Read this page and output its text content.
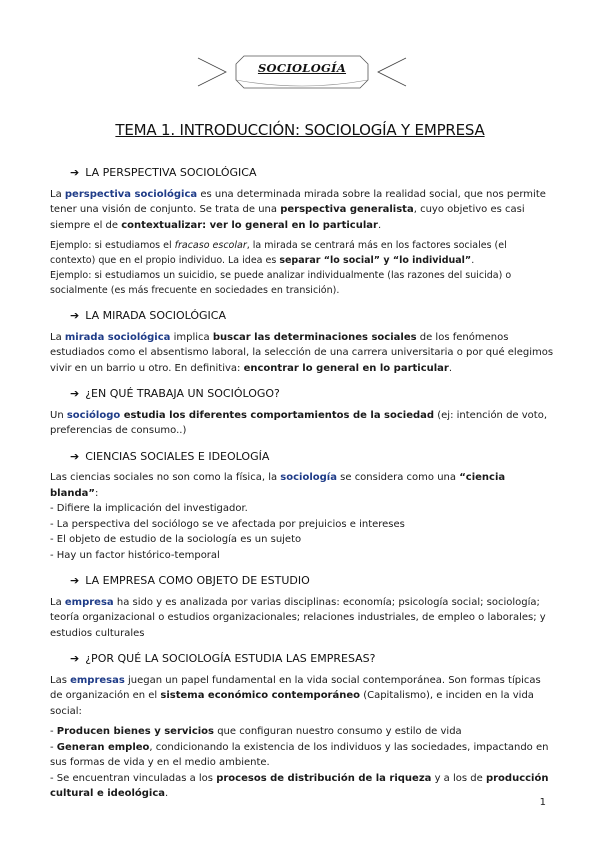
SOCIOLOGÍA
TEMA 1. INTRODUCCIÓN: SOCIOLOGÍA Y EMPRESA
➔ LA PERSPECTIVA SOCIOLÓGICA

La perspectiva sociológica es una determinada mirada sobre la realidad social, que nos permite tener una visión de conjunto. Se trata de una perspectiva generalista, cuyo objetivo es casi siempre el de contextualizar: ver lo general en lo particular.

Ejemplo: si estudiamos el fracaso escolar, la mirada se centrará más en los factores sociales (el contexto) que en el propio individuo. La idea es separar “lo social” y “lo individual”.

Ejemplo: si estudiamos un suicidio, se puede analizar individualmente (las razones del suicida) o socialmente (es más frecuente en sociedades en transición).

➔ LA MIRADA SOCIOLÓGICA

La mirada sociológica implica buscar las determinaciones sociales de los fenómenos estudiados como el absentismo laboral, la selección de una carrera universitaria o por qué elegimos vivir en un barrio u otro. En definitiva: encontrar lo general en lo particular.

➔ ¿EN QUÉ TRABAJA UN SOCIÓLOGO?

Un sociólogo estudia los diferentes comportamientos de la sociedad (ej: intención de voto, preferencias de consumo..)

➔ CIENCIAS SOCIALES E IDEOLOGÍA

Las ciencias sociales no son como la física, la sociología se considera como una “ciencia blanda”:

- Difiere la implicación del investigador.

- La perspectiva del sociólogo se ve afectada por prejuicios e intereses

- El objeto de estudio de la sociología es un sujeto

- Hay un factor histórico-temporal

➔ LA EMPRESA COMO OBJETO DE ESTUDIO

La empresa ha sido y es analizada por varias disciplinas: economía; psicología social; sociología; teoría organizacional o estudios organizacionales; relaciones industriales, de empleo o laborales; y estudios culturales

➔ ¿POR QUÉ LA SOCIOLOGÍA ESTUDIA LAS EMPRESAS?

Las empresas juegan un papel fundamental en la vida social contemporánea. Son formas típicas de organización en el sistema económico contemporáneo (Capitalismo), e inciden en la vida social:

- Producen bienes y servicios que configuran nuestro consumo y estilo de vida

- Generan empleo, condicionando la existencia de los individuos y las sociedades, impactando en sus formas de vida y en el medio ambiente.

- Se encuentran vinculadas a los procesos de distribución de la riqueza y a los de producción cultural e ideológica.

1
